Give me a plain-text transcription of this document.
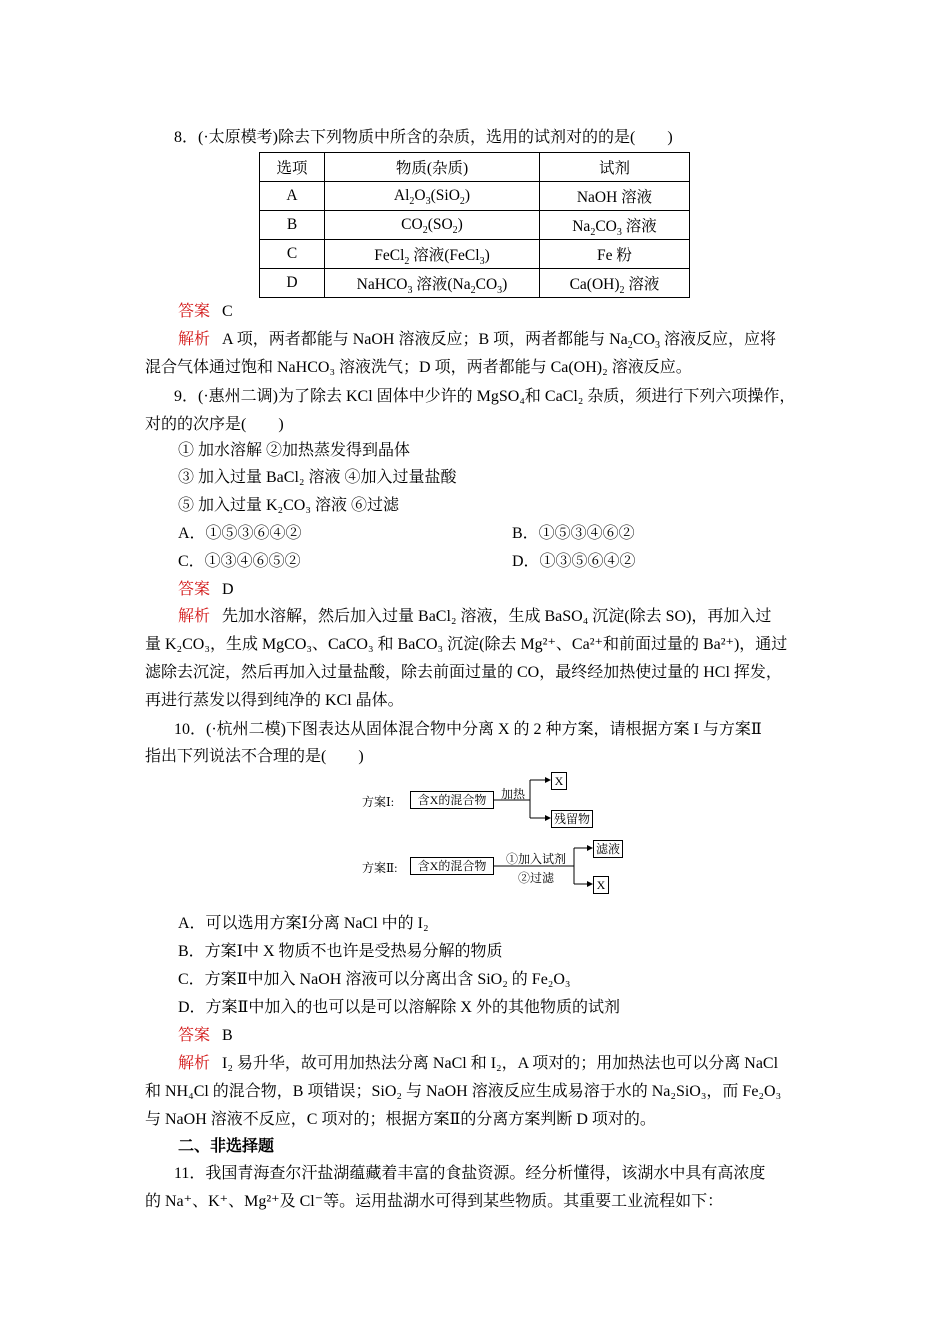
8．(·太原模考)除去下列物质中所含的杂质，选用的试剂对的的是(　　)
选项	物质(杂质)	试剂
A	$Al_2O_3(SiO_2)$	NaOH 溶液
B	$CO_2(SO_2)$	$Na_2CO_3$ 溶液
C	FeCl$_2$ 溶液(FeCl$_3$)	Fe 粉
D	NaHCO$_3$ 溶液$(Na_2CO_3)$	$Ca(OH)_2$ 溶液
答案 C
解析   A 项，两者都能与 NaOH 溶液反应；B 项，两者都能与 $Na_2CO_3$ 溶液反应，应将
混合气体通过饱和 NaHCO₃ 溶液洗气；D 项，两者都能与 Ca(OH)₂ 溶液反应。
9．(·惠州二调)为了除去 KCl 固体中少许的 MgSO₄和 CaCl₂ 杂质，须进行下列六项操作，
对的的次序是(　　)
① 加水溶解 ②加热蒸发得到晶体
③ 加入过量 BaCl₂ 溶液 ④加入过量盐酸
⑤ 加入过量 K₂CO₃ 溶液 ⑥过滤
A．①⑤③⑥④②	B．①⑤③④⑥②
C．①③④⑥⑤②	D．①③⑤⑥④②
答案 D
解析 先加水溶解，然后加入过量 BaCl₂ 溶液，生成 BaSO₄ 沉淀(除去 SO)，再加入过
量 K₂CO₃，生成 MgCO₃、CaCO₃ 和 BaCO₃ 沉淀(除去 Mg²⁺、Ca²⁺和前面过量的 Ba²⁺)，通过
滤除去沉淀，然后再加入过量盐酸，除去前面过量的 CO，最终经加热使过量的 HCl 挥发，
再进行蒸发以得到纯净的 KCl 晶体。
10．(·杭州二模)下图表达从固体混合物中分离 X 的 2 种方案，请根据方案 I 与方案Ⅱ
指出下列说法不合理的是(　　)
方案Ⅰ:	含X的混合物	加热
X
残留物
方案Ⅱ:	含X的混合物	①加入试剂
②过滤
滤液
X
A．可以选用方案Ⅰ分离 NaCl 中的 I₂
B．方案Ⅰ中 X 物质不也许是受热易分解的物质
C．方案Ⅱ中加入 NaOH 溶液可以分离出含 SiO₂ 的 Fe₂O₃
D．方案Ⅱ中加入的也可以是可以溶解除 X 外的其他物质的试剂
答案 B
解析 I₂ 易升华，故可用加热法分离 NaCl 和 I₂，A 项对的；用加热法也可以分离 NaCl
和 NH₄Cl 的混合物，B 项错误；SiO₂ 与 NaOH 溶液反应生成易溶于水的 Na₂SiO₃，而 Fe₂O₃
与 NaOH 溶液不反应，C 项对的；根据方案Ⅱ的分离方案判断 D 项对的。
二、非选择题
11．我国青海查尔汗盐湖蕴藏着丰富的食盐资源。经分析懂得，该湖水中具有高浓度
的 Na⁺、K⁺、Mg²⁺及 Cl⁻等。运用盐湖水可得到某些物质。其重要工业流程如下：
